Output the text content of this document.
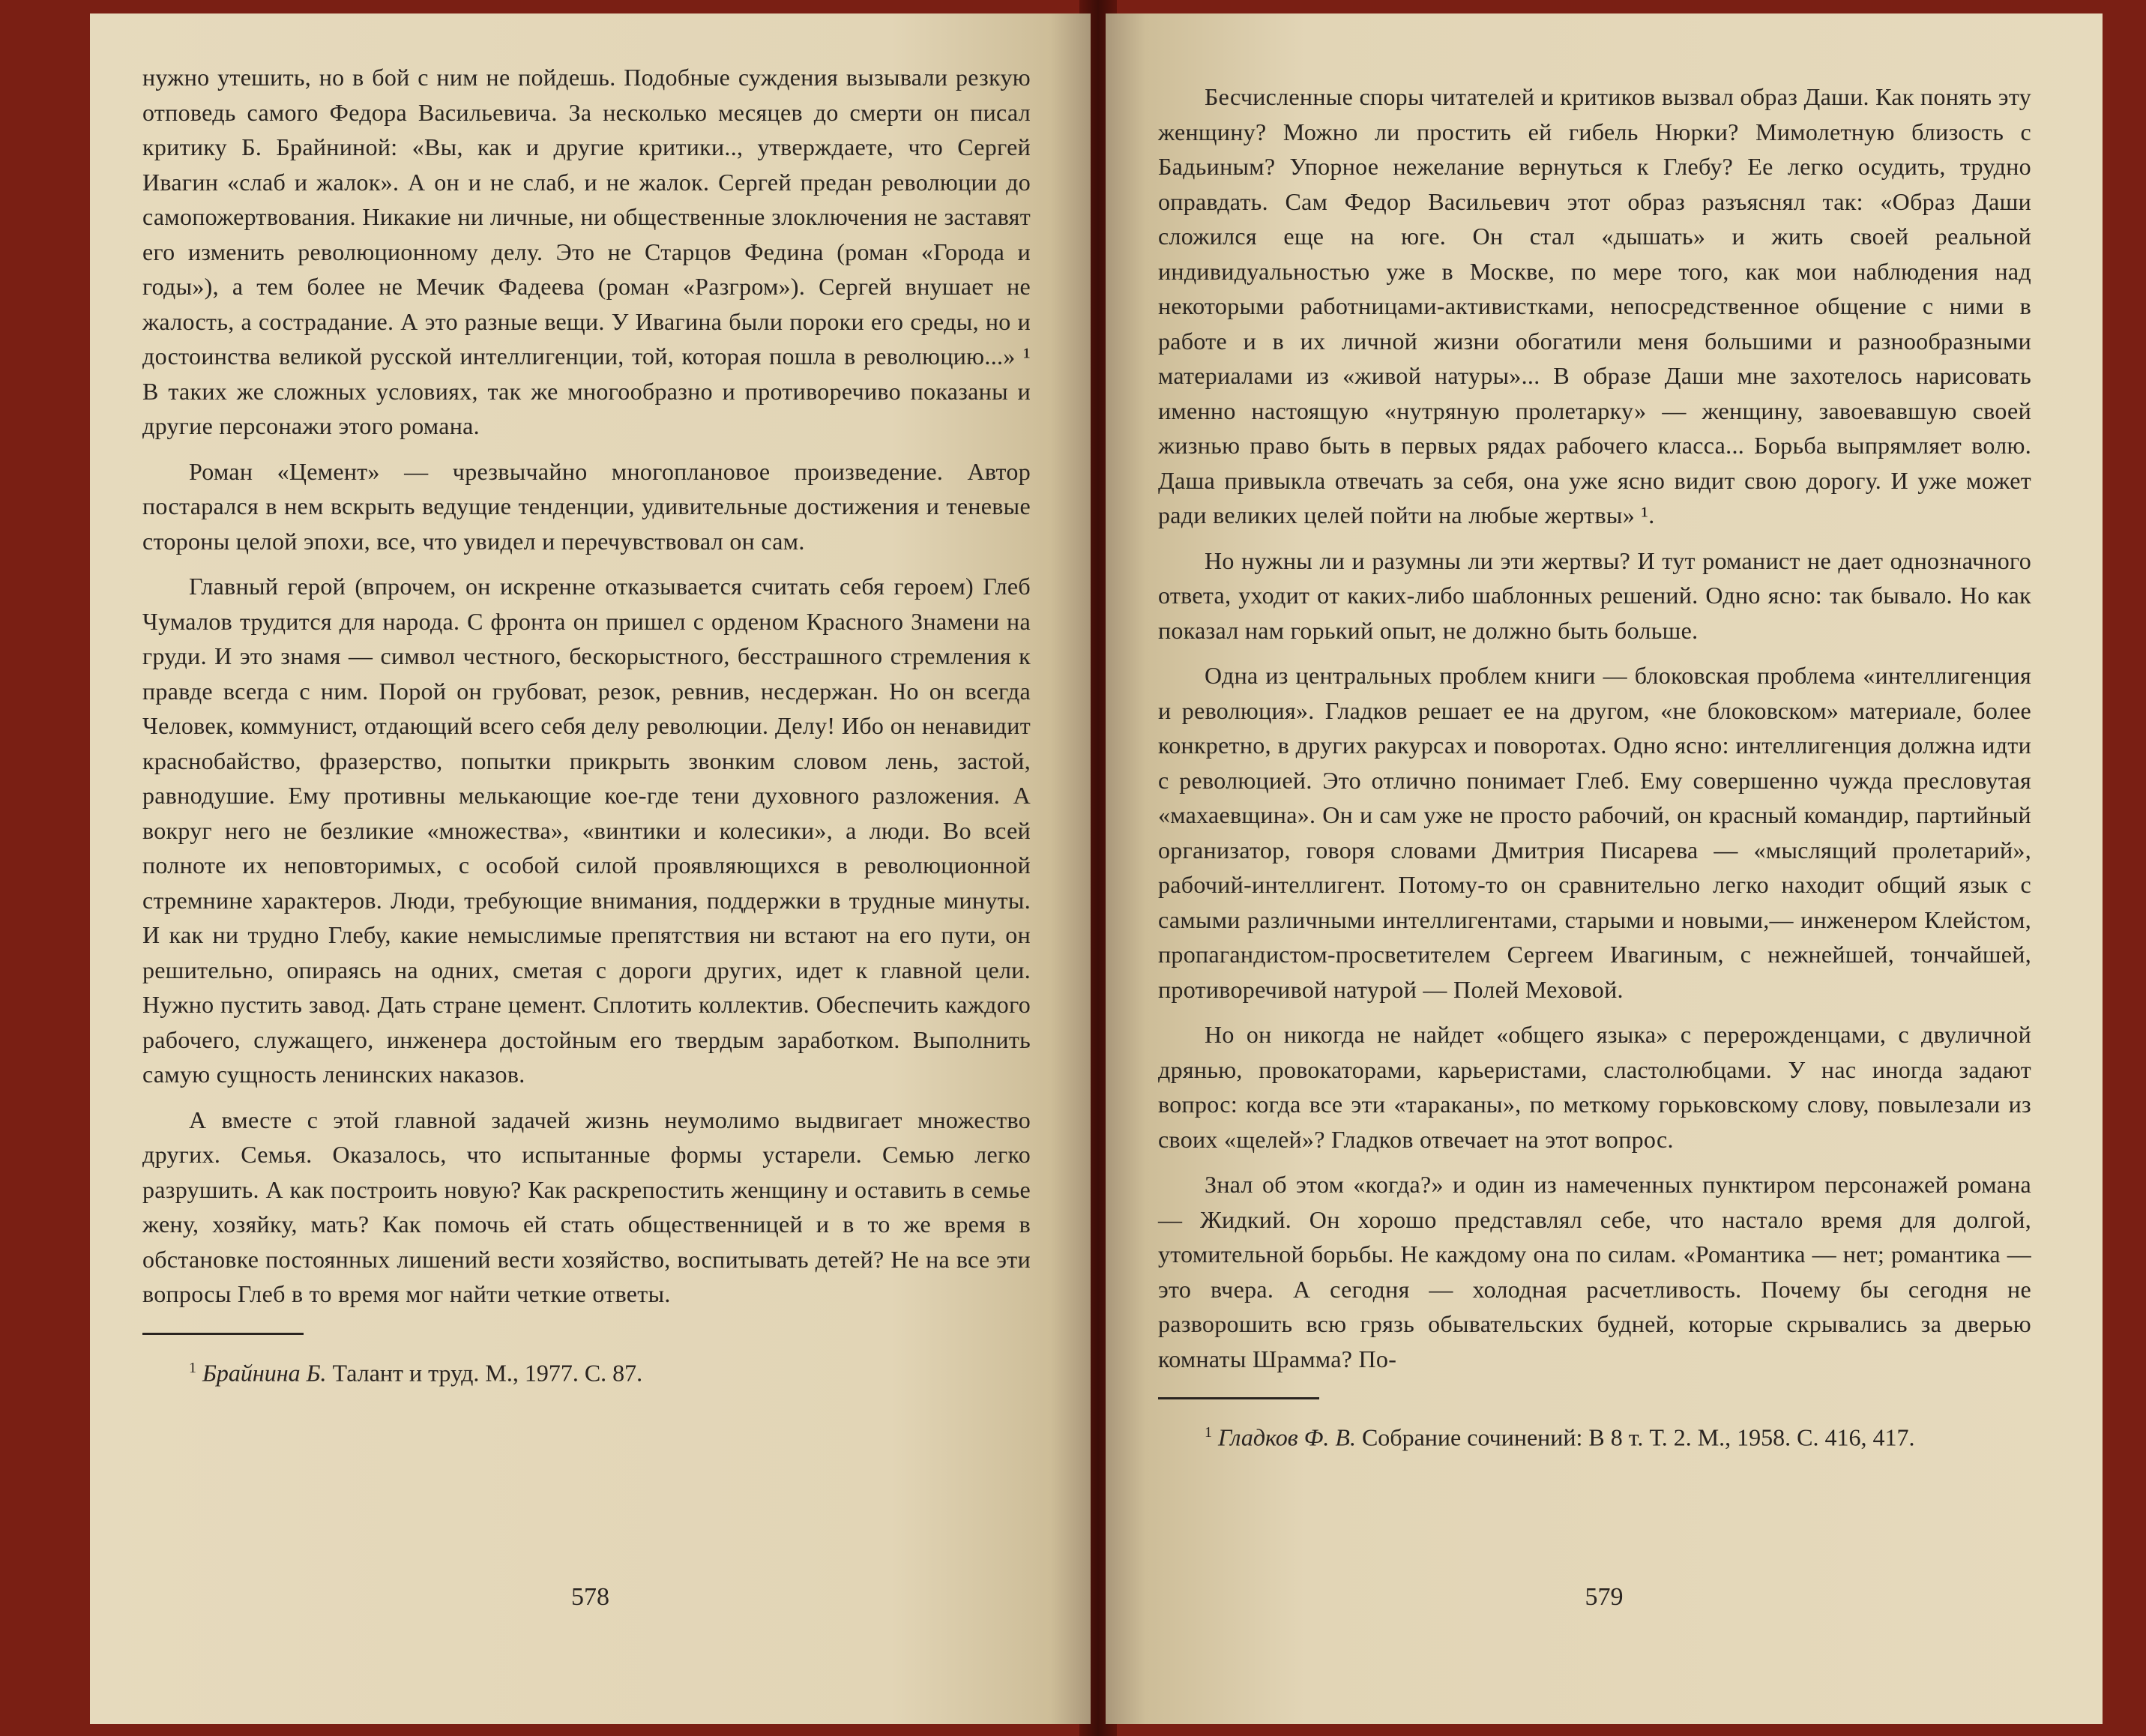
нужно утешить, но в бой с ним не пойдешь. Подобные суждения вызывали резкую отповедь самого Федора Васильевича. За несколько месяцев до смерти он писал критику Б. Брайниной: «Вы, как и другие критики.., утверждаете, что Сергей Ивагин «слаб и жалок». А он и не слаб, и не жалок. Сергей предан революции до самопожертвования. Никакие ни личные, ни общественные злоключения не заставят его изменить революционному делу. Это не Старцов Федина (роман «Города и годы»), а тем более не Мечик Фадеева (роман «Разгром»). Сергей внушает не жалость, а сострадание. А это разные вещи. У Ивагина были пороки его среды, но и достоинства великой русской интеллигенции, той, которая пошла в революцию...» ¹ В таких же сложных условиях, так же многообразно и противоречиво показаны и другие персонажи этого романа.

Роман «Цемент» — чрезвычайно многоплановое произведение. Автор постарался в нем вскрыть ведущие тенденции, удивительные достижения и теневые стороны целой эпохи, все, что увидел и перечувствовал он сам.

Главный герой (впрочем, он искренне отказывается считать себя героем) Глеб Чумалов трудится для народа. С фронта он пришел с орденом Красного Знамени на груди. И это знамя — символ честного, бескорыстного, бесстрашного стремления к правде всегда с ним. Порой он грубоват, резок, ревнив, несдержан. Но он всегда Человек, коммунист, отдающий всего себя делу революции. Делу! Ибо он ненавидит краснобайство, фразерство, попытки прикрыть звонким словом лень, застой, равнодушие. Ему противны мелькающие кое-где тени духовного разложения. А вокруг него не безликие «множества», «винтики и колесики», а люди. Во всей полноте их неповторимых, с особой силой проявляющихся в революционной стремнине характеров. Люди, требующие внимания, поддержки в трудные минуты. И как ни трудно Глебу, какие немыслимые препятствия ни встают на его пути, он решительно, опираясь на одних, сметая с дороги других, идет к главной цели. Нужно пустить завод. Дать стране цемент. Сплотить коллектив. Обеспечить каждого рабочего, служащего, инженера достойным его твердым заработком. Выполнить самую сущность ленинских наказов.

А вместе с этой главной задачей жизнь неумолимо выдвигает множество других. Семья. Оказалось, что испытанные формы устарели. Семью легко разрушить. А как построить новую? Как раскрепостить женщину и оставить в семье жену, хозяйку, мать? Как помочь ей стать общественницей и в то же время в обстановке постоянных лишений вести хозяйство, воспитывать детей? Не на все эти вопросы Глеб в то время мог найти четкие ответы.

$^1$ Брайнина Б. Талант и труд. М., 1977. С. 87.

578

Бесчисленные споры читателей и критиков вызвал образ Даши. Как понять эту женщину? Можно ли простить ей гибель Нюрки? Мимолетную близость с Бадьиным? Упорное нежелание вернуться к Глебу? Ее легко осудить, трудно оправдать. Сам Федор Васильевич этот образ разъяснял так: «Образ Даши сложился еще на юге. Он стал «дышать» и жить своей реальной индивидуальностью уже в Москве, по мере того, как мои наблюдения над некоторыми работницами-активистками, непосредственное общение с ними в работе и в их личной жизни обогатили меня большими и разнообразными материалами из «живой натуры»... В образе Даши мне захотелось нарисовать именно настоящую «нутряную пролетарку» — женщину, завоевавшую своей жизнью право быть в первых рядах рабочего класса... Борьба выпрямляет волю. Даша привыкла отвечать за себя, она уже ясно видит свою дорогу. И уже может ради великих целей пойти на любые жертвы» ¹.

Но нужны ли и разумны ли эти жертвы? И тут романист не дает однозначного ответа, уходит от каких-либо шаблонных решений. Одно ясно: так бывало. Но как показал нам горький опыт, не должно быть больше.

Одна из центральных проблем книги — блоковская проблема «интеллигенция и революция». Гладков решает ее на другом, «не блоковском» материале, более конкретно, в других ракурсах и поворотах. Одно ясно: интеллигенция должна идти с революцией. Это отлично понимает Глеб. Ему совершенно чужда пресловутая «махаевщина». Он и сам уже не просто рабочий, он красный командир, партийный организатор, говоря словами Дмитрия Писарева — «мыслящий пролетарий», рабочий-интеллигент. Потому-то он сравнительно легко находит общий язык с самыми различными интеллигентами, старыми и новыми,— инженером Клейстом, пропагандистом-просветителем Сергеем Ивагиным, с нежнейшей, тончайшей, противоречивой натурой — Полей Меховой.

Но он никогда не найдет «общего языка» с перерожденцами, с двуличной дрянью, провокаторами, карьеристами, сластолюбцами. У нас иногда задают вопрос: когда все эти «тараканы», по меткому горьковскому слову, повылезали из своих «щелей»? Гладков отвечает на этот вопрос.

Знал об этом «когда?» и один из намеченных пунктиром персонажей романа — Жидкий. Он хорошо представлял себе, что настало время для долгой, утомительной борьбы. Не каждому она по силам. «Романтика — нет; романтика — это вчера. А сегодня — холодная расчетливость. Почему бы сегодня не разворошить всю грязь обывательских будней, которые скрывались за дверью комнаты Шрамма? По-

$^1$ Гладков Ф. В. Собрание сочинений: В 8 т. Т. 2. М., 1958. С. 416, 417.

579
